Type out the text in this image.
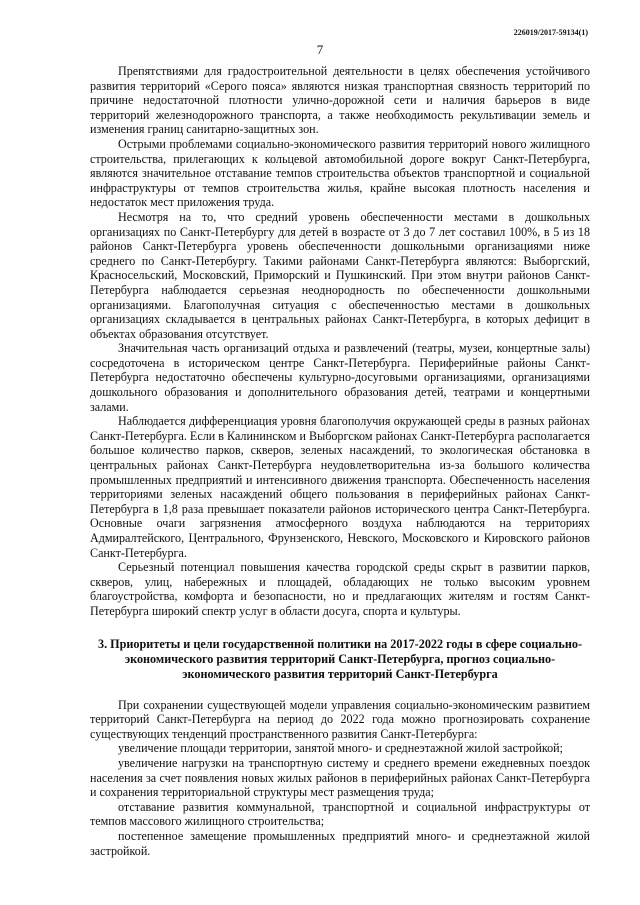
226019/2017-59134(1)
7

Препятствиями для градостроительной деятельности в целях обеспечения устойчивого развития территорий «Серого пояса» являются низкая транспортная связность территорий по причине недостаточной плотности улично-дорожной сети и наличия барьеров в виде территорий железнодорожного транспорта, а также необходимость рекультивации земель и изменения границ санитарно-защитных зон.

Острыми проблемами социально-экономического развития территорий нового жилищного строительства, прилегающих к кольцевой автомобильной дороге вокруг Санкт-Петербурга, являются значительное отставание темпов строительства объектов транспортной и социальной инфраструктуры от темпов строительства жилья, крайне высокая плотность населения и недостаток мест приложения труда.

Несмотря на то, что средний уровень обеспеченности местами в дошкольных организациях по Санкт-Петербургу для детей в возрасте от 3 до 7 лет составил 100%, в 5 из 18 районов Санкт-Петербурга уровень обеспеченности дошкольными организациями ниже среднего по Санкт-Петербургу. Такими районами Санкт-Петербурга являются: Выборгский, Красносельский, Московский, Приморский и Пушкинский. При этом внутри районов Санкт-Петербурга наблюдается серьезная неоднородность по обеспеченности дошкольными организациями. Благополучная ситуация с обеспеченностью местами в дошкольных организациях складывается в центральных районах Санкт-Петербурга, в которых дефицит в объектах образования отсутствует.

Значительная часть организаций отдыха и развлечений (театры, музеи, концертные залы) сосредоточена в историческом центре Санкт-Петербурга. Периферийные районы Санкт-Петербурга недостаточно обеспечены культурно-досуговыми организациями, организациями дошкольного образования и дополнительного образования детей, театрами и концертными залами.

Наблюдается дифференциация уровня благополучия окружающей среды в разных районах Санкт-Петербурга. Если в Калининском и Выборгском районах Санкт-Петербурга располагается большое количество парков, скверов, зеленых насаждений, то экологическая обстановка в центральных районах Санкт-Петербурга неудовлетворительна из-за большого количества промышленных предприятий и интенсивного движения транспорта. Обеспеченность населения территориями зеленых насаждений общего пользования в периферийных районах Санкт-Петербурга в 1,8 раза превышает показатели районов исторического центра Санкт-Петербурга. Основные очаги загрязнения атмосферного воздуха наблюдаются на территориях Адмиралтейского, Центрального, Фрунзенского, Невского, Московского и Кировского районов Санкт-Петербурга.

Серьезный потенциал повышения качества городской среды скрыт в развитии парков, скверов, улиц, набережных и площадей, обладающих не только высоким уровнем благоустройства, комфорта и безопасности, но и предлагающих жителям и гостям Санкт-Петербурга широкий спектр услуг в области досуга, спорта и культуры.

3. Приоритеты и цели государственной политики на 2017-2022 годы в сфере социально-экономического развития территорий Санкт-Петербурга, прогноз социально-экономического развития территорий Санкт-Петербурга

При сохранении существующей модели управления социально-экономическим развитием территорий Санкт-Петербурга на период до 2022 года можно прогнозировать сохранение существующих тенденций пространственного развития Санкт-Петербурга:

увеличение площади территории, занятой много- и среднеэтажной жилой застройкой;

увеличение нагрузки на транспортную систему и среднего времени ежедневных поездок населения за счет появления новых жилых районов в периферийных районах Санкт-Петербурга и сохранения территориальной структуры мест размещения труда;

отставание развития коммунальной, транспортной и социальной инфраструктуры от темпов массового жилищного строительства;

постепенное замещение промышленных предприятий много- и среднеэтажной жилой застройкой.
